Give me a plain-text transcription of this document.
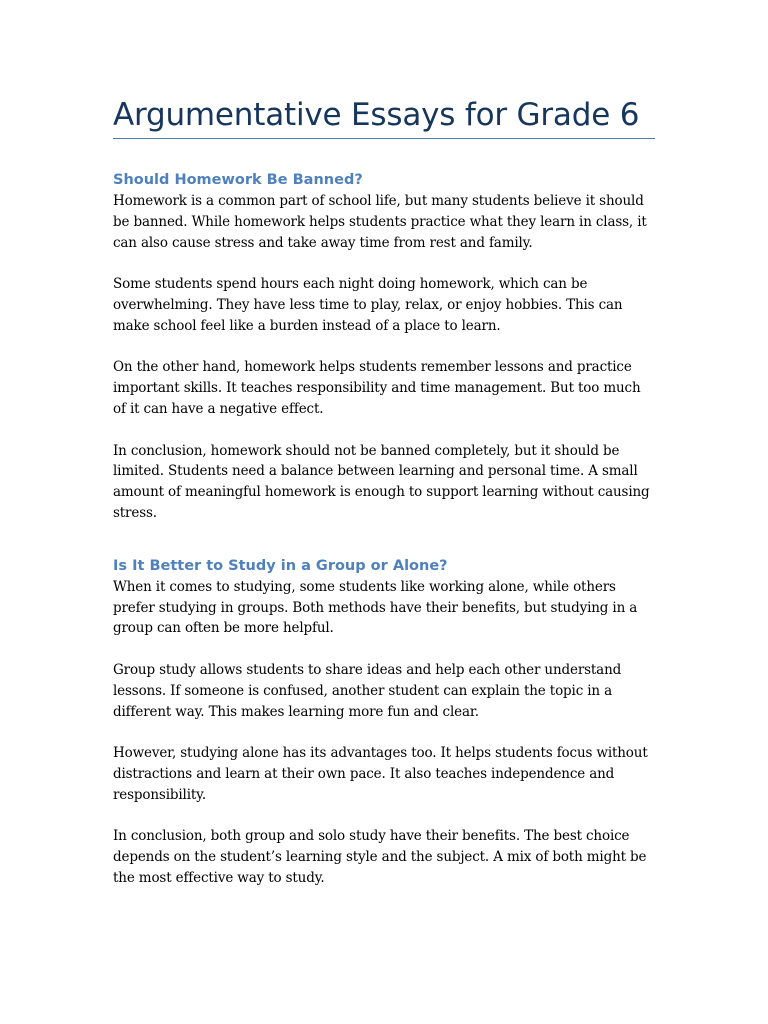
Argumentative Essays for Grade 6
Should Homework Be Banned?

Homework is a common part of school life, but many students believe it should be banned. While homework helps students practice what they learn in class, it can also cause stress and take away time from rest and family.

Some students spend hours each night doing homework, which can be overwhelming. They have less time to play, relax, or enjoy hobbies. This can make school feel like a burden instead of a place to learn.

On the other hand, homework helps students remember lessons and practice important skills. It teaches responsibility and time management. But too much of it can have a negative effect.

In conclusion, homework should not be banned completely, but it should be limited. Students need a balance between learning and personal time. A small amount of meaningful homework is enough to support learning without causing stress.

Is It Better to Study in a Group or Alone?

When it comes to studying, some students like working alone, while others prefer studying in groups. Both methods have their benefits, but studying in a group can often be more helpful.

Group study allows students to share ideas and help each other understand lessons. If someone is confused, another student can explain the topic in a different way. This makes learning more fun and clear.

However, studying alone has its advantages too. It helps students focus without distractions and learn at their own pace. It also teaches independence and responsibility.

In conclusion, both group and solo study have their benefits. The best choice depends on the student’s learning style and the subject. A mix of both might be the most effective way to study.
